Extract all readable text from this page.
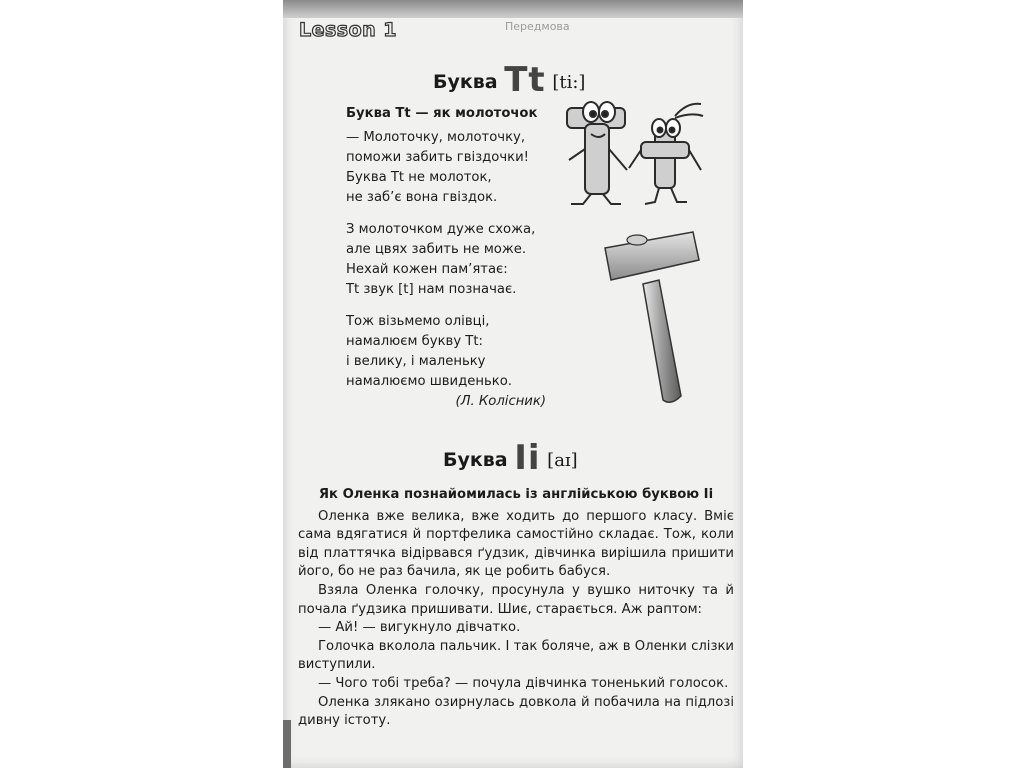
Lesson 1	Передмова
Буква Tt [ti:]
Буква Tt — як молоточок
— Молоточку, молоточку,
поможи забить гвіздочки!
Буква Tt не молоток,
не заб’є вона гвіздок.
З молоточком дуже схожа,
але цвях забить не може.
Нехай кожен пам’ятає:
Tt звук [t] нам позначає.
Тож візьмемо олівці,
намалюєм букву Tt:
і велику, і маленьку
намалюємо швиденько.
(Л. Колісник)
Буква Ii [aɪ]
Як Оленка познайомилась із англійською буквою Ii

Оленка вже велика, вже ходить до першого класу. Вміє сама вдягатися й портфелика самостійно складає. Тож, коли від платтячка відірвався ґудзик, дівчинка вирішила пришити його, бо не раз бачила, як це робить бабуся.

Взяла Оленка голочку, просунула у вушко ниточку та й почала ґудзика пришивати. Шиє, старається. Аж раптом:

— Ай! — вигукнуло дівчатко.

Голочка вколола пальчик. І так боляче, аж в Оленки слізки виступили.

— Чого тобі треба? — почула дівчинка тоненький голосок.

Оленка злякано озирнулась довкола й побачила на підлозі дивну істоту.
